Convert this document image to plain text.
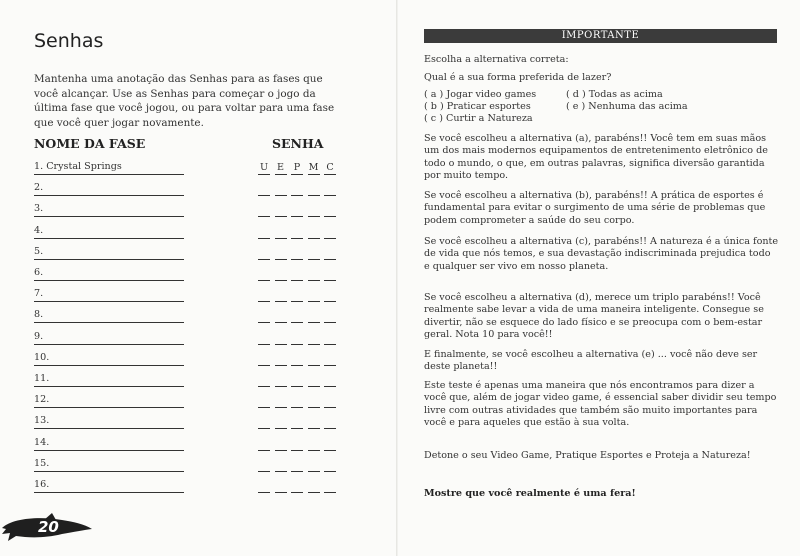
Senhas

Mantenha uma anotação das Senhas para as fases que você alcançar. Use as Senhas para começar o jogo da última fase que você jogou, ou para voltar para uma fase que você quer jogar novamente.

NOME DA FASE	SENHA
1. Crystal Springs	U E P M C
2.
3.
4.
5.
6.
7.
8.
9.
10.
11.
12.
13.
14.
15.
16.
20
IMPORTANTE

Escolha a alternativa correta:

Qual é a sua forma preferida de lazer?

( a ) Jogar video games
( b ) Praticar esportes
( c ) Curtir a Natureza
( d ) Todas as acima
( e ) Nenhuma das acima

Se você escolheu a alternativa (a), parabéns!! Você tem em suas mãos um dos mais modernos equipamentos de entretenimento eletrônico de todo o mundo, o que, em outras palavras, significa diversão garantida por muito tempo.

Se você escolheu a alternativa (b), parabéns!! A prática de esportes é fundamental para evitar o surgimento de uma série de problemas que podem comprometer a saúde do seu corpo.

Se você escolheu a alternativa (c), parabéns!! A natureza é a única fonte de vida que nós temos, e sua devastação indiscriminada prejudica todo e qualquer ser vivo em nosso planeta.

Se você escolheu a alternativa (d), merece um triplo parabéns!! Você realmente sabe levar a vida de uma maneira inteligente. Consegue se divertir, não se esquece do lado físico e se preocupa com o bem-estar geral. Nota 10 para você!!

E finalmente, se você escolheu a alternativa (e) ... você não deve ser deste planeta!!

Este teste é apenas uma maneira que nós encontramos para dizer a você que, além de jogar video game, é essencial saber dividir seu tempo livre com outras atividades que também são muito importantes para você e para aqueles que estão à sua volta.

Detone o seu Video Game, Pratique Esportes e Proteja a Natureza!

Mostre que você realmente é uma fera!
